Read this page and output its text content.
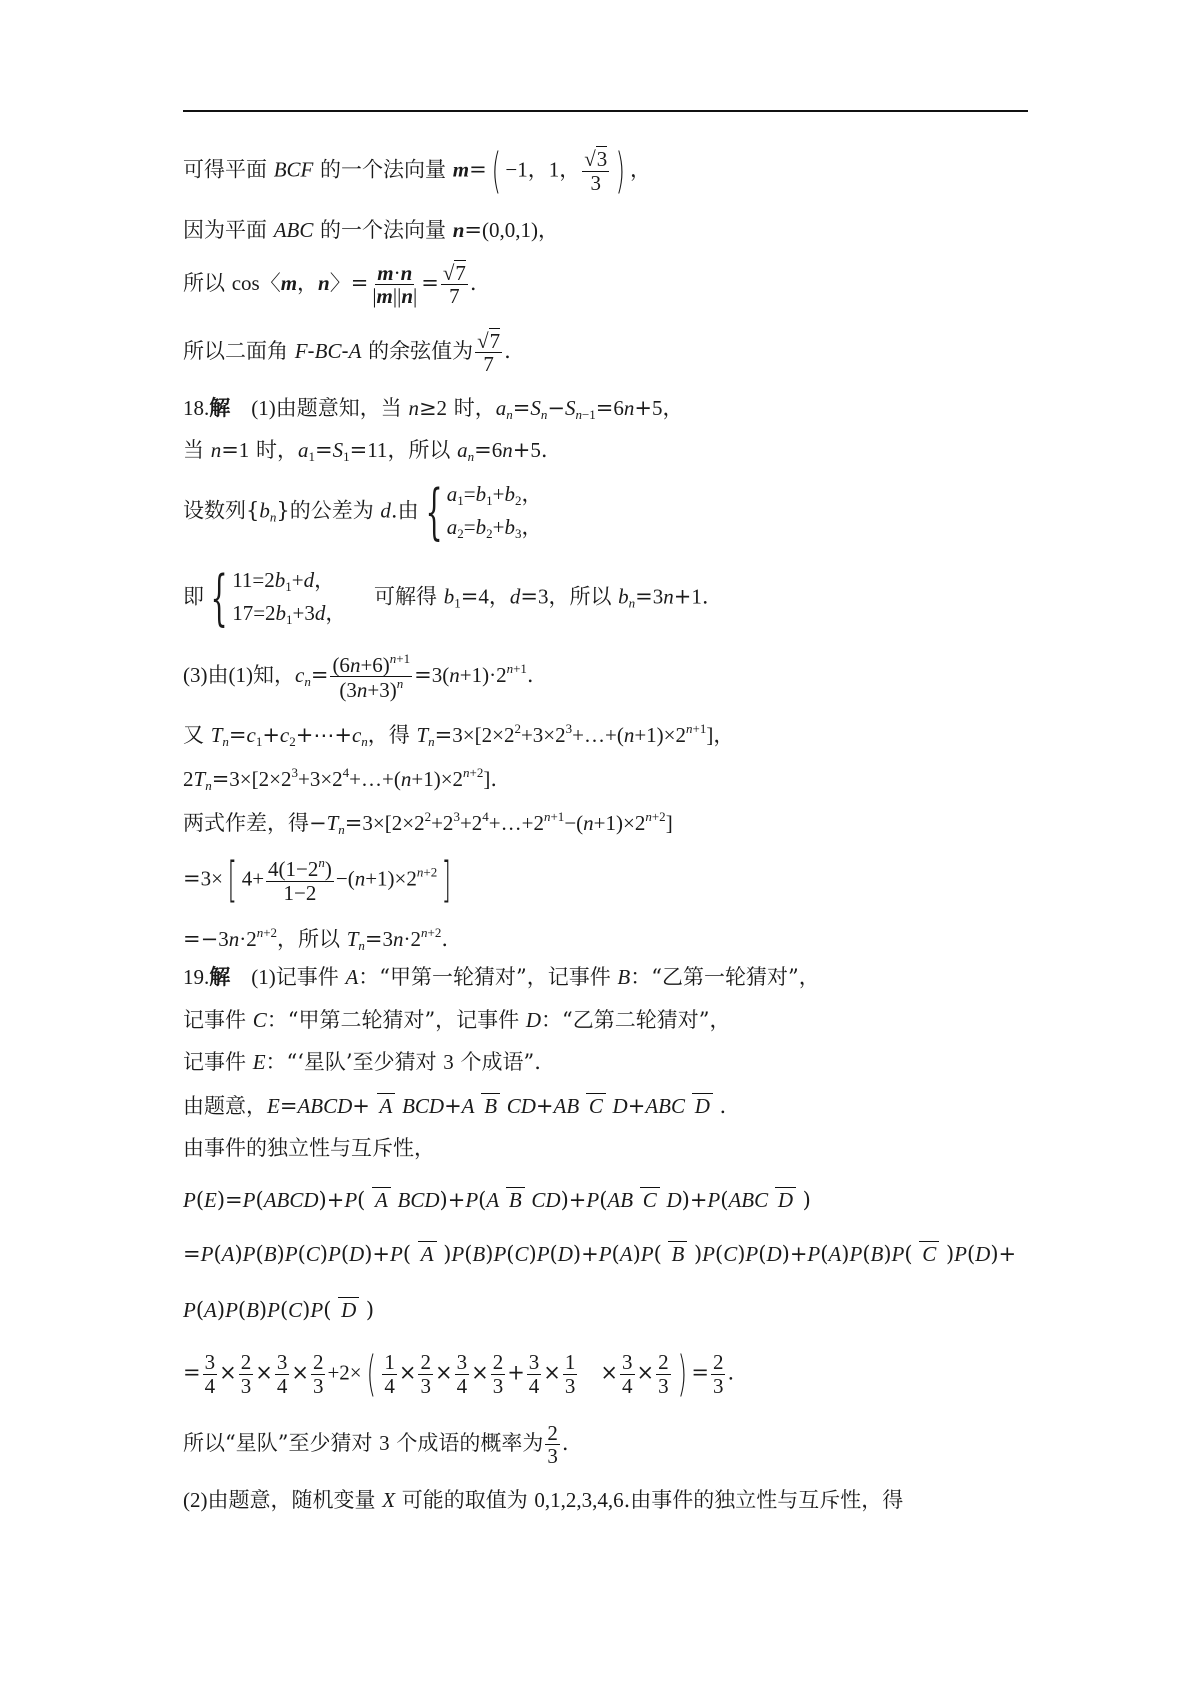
可得平面 BCF 的一个法向量 m=( −1，1， $\frac{√3}{3}$ ) ，
因为平面 ABC 的一个法向量 n=(0,0,1)，
所以 cos〈m，n〉= $\frac{m\cdot n}{|m||n|} = \frac{√7}{7}$ .
所以二面角 F-BC-A 的余弦值为 $\frac{√7}{7}$ .
18.解　 (1)由题意知，当 n≥2 时，$a_n=S_n-S_{n-1}=6n+5$，
当 n=1 时，$a_1=S_1=11$，所以 $a_n=6n+5$.
设数列$\{b_n\}$的公差为 d.由 { $a_1=b_1+b_2$，
$a_2=b_2+b_3$，
即 { $11=2b_1+d$，
$17=2b_1+3d$，
　 可解得 $b_1=4$，d=3，所以 $b_n=3n+1$.
(3)由(1)知，$c_n= \frac{(6n+6)^{n+1}}{(3n+3)^n} =3(n+1)\cdot 2^{n+1}$.
又 $T_n=c_1+c_2+\cdots+c_n$，得 $T_n=3\times[2\times 2^2+3\times 2^3+\dots+(n+1)\times 2^{n+1}]$，
$2T_n=3\times[2\times 2^3+3\times 2^4+\dots+(n+1)\times 2^{n+2}]$.
两式作差，得$-T_n=3\times[2\times 2^2+2^3+2^4+\dots+2^{n+1}-(n+1)\times 2^{n+2}]$
=3×[ $4+ \frac{4(1-2^n)}{1-2} -(n+1)\times 2^{n+2}$]
$=-3n\cdot 2^{n+2}$，所以 $T_n=3n\cdot 2^{n+2}$.
19.解　 (1)记事件 A：“甲第一轮猜对”，记事件 B：“乙第一轮猜对”，
记事件 C：“甲第二轮猜对”，记事件 D：“乙第二轮猜对”，
记事件 E：“‘星队’至少猜对 3 个成语”.
由题意，E=ABCD+ A BCD+A B CD+AB C D+ABC D .
由事件的独立性与互斥性，
P(E)=P(ABCD)+P( A BCD)+P(A B CD)+P(AB C D)+P(ABC D )
=P(A)P(B)P(C)P(D)+P( A )P(B)P(C)P(D)+P(A)P( B )P(C)P(D)+P(A)P(B)P( C )P(D)+
P(A)P(B)P(C)P( D )
= $\frac{3}{4} \times \frac{2}{3} \times \frac{3}{4} \times \frac{2}{3} +2\times( \frac{1}{4} \times \frac{2}{3} \times \frac{3}{4} \times \frac{2}{3} + \frac{3}{4} \times \frac{1}{3}$ 　× $\frac{3}{4} \times \frac{2}{3}$ ) = $\frac{2}{3}$ .
所以“星队”至少猜对 3 个成语的概率为 $\frac{2}{3}$ .
(2)由题意，随机变量 X 可能的取值为 0,1,2,3,4,6.由事件的独立性与互斥性，得
